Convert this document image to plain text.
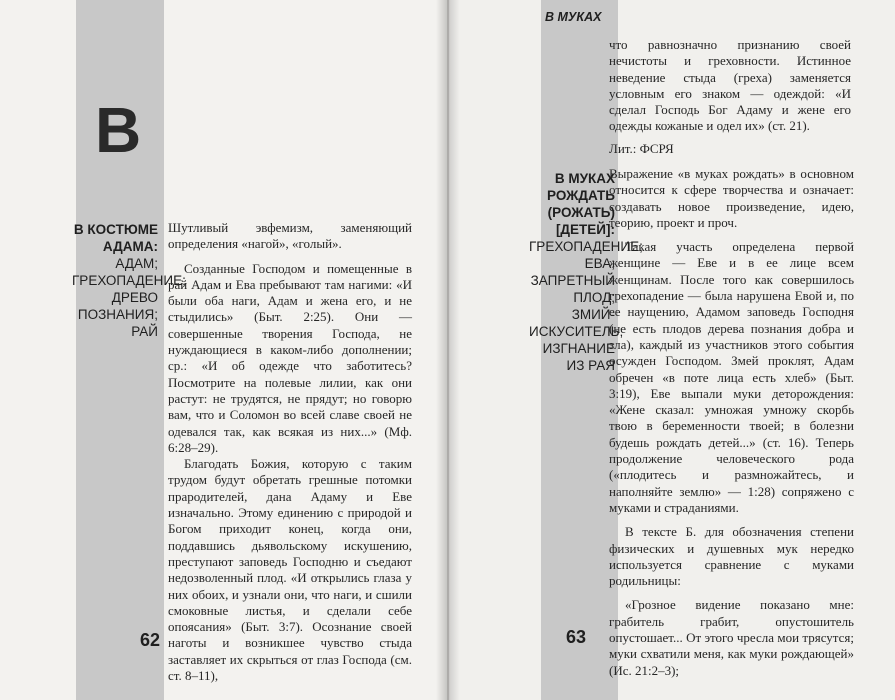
В
В КОСТЮМЕ АДАМА:
АДАМ; ГРЕХОПАДЕНИЕ; ДРЕВО ПОЗНАНИЯ; РАЙ

Шутливый эвфемизм, заменяющий определения «нагой», «голый».

Созданные Господом и помещенные в рай Адам и Ева пребывают там нагими: «И были оба наги, Адам и жена его, и не стыдились» (Быт. 2:25). Они — совершенные творения Господа, не нуждающиеся в каком-либо дополнении; ср.: «И об одежде что заботитесь? Посмотрите на полевые лилии, как они растут: не трудятся, не прядут; но говорю вам, что и Соломон во всей славе своей не одевался так, как всякая из них...» (Мф. 6:28–29).

Благодать Божия, которую с таким трудом будут обретать грешные потомки прародителей, дана Адаму и Еве изначально. Этому единению с природой и Богом приходит конец, когда они, поддавшись дьявольскому искушению, преступают заповедь Господню и съедают недозволенный плод. «И открылись глаза у них обоих, и узнали они, что наги, и сшили смоковные листья, и сделали себе опоясания» (Быт. 3:7). Осознание своей наготы и возникшее чувство стыда заставляет их скрыться от глаз Господа (см. ст. 8–11),

62
В МУКАХ

что равнозначно признанию своей нечистоты и греховности. Истинное неведение стыда (греха) заменяется условным его знаком — одеждой: «И сделал Господь Бог Адаму и жене его одежды кожаные и одел их» (ст. 21).

Лит.: ФСРЯ

В МУКАХ РОЖДАТЬ (РОЖАТЬ) [ДЕТЕЙ]:
ГРЕХОПАДЕНИЕ; ЕВА; ЗАПРЕТНЫЙ ПЛОД; ЗМИЙ-ИСКУСИТЕЛЬ; ИЗГНАНИЕ ИЗ РАЯ

Выражение «в муках рождать» в основном относится к сфере творчества и означает: создавать новое произведение, идею, теорию, проект и проч.

Такая участь определена первой женщине — Еве и в ее лице всем женщинам. После того как совершилось грехопадение — была нарушена Евой и, по ее наущению, Адамом заповедь Господня (не есть плодов дерева познания добра и зла), каждый из участников этого события осужден Господом. Змей проклят, Адам обречен «в поте лица есть хлеб» (Быт. 3:19), Еве выпали муки деторождения: «Жене сказал: умножая умножу скорбь твою в беременности твоей; в болезни будешь рождать детей...» (ст. 16). Теперь продолжение человеческого рода («плодитесь и размножайтесь, и наполняйте землю» — 1:28) сопряжено с муками и страданиями.

В тексте Б. для обозначения степени физических и душевных мук нередко используется сравнение с муками родильницы:

«Грозное видение показано мне: грабитель грабит, опустошитель опустошает... От этого чресла мои трясутся; муки схватили меня, как муки рождающей» (Ис. 21:2–3);

63
